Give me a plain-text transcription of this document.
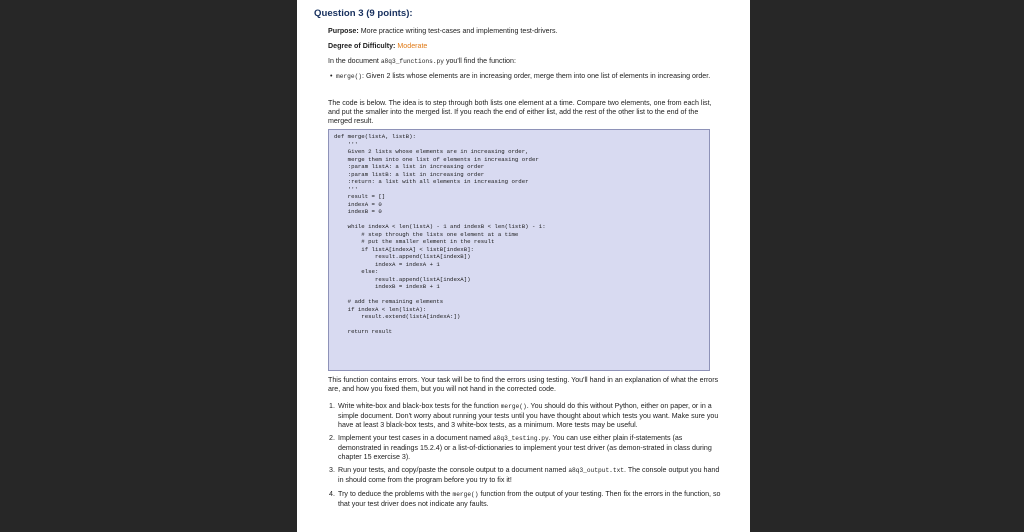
Question 3 (9 points):
Purpose: More practice writing test-cases and implementing test-drivers.
Degree of Difficulty: Moderate
In the document a8q3_functions.py you'll find the function:
• merge(): Given 2 lists whose elements are in increasing order, merge them into one list of elements in increasing order.
The code is below. The idea is to step through both lists one element at a time. Compare two elements, one from each list, and put the smaller into the merged list. If you reach the end of either list, add the rest of the other list to the end of the merged result.
def merge(listA, listB):
'''
Given 2 lists whose elements are in increasing order,
merge them into one list of elements in increasing order
:param listA: a list in increasing order
:param listB: a list in increasing order
:return: a list with all elements in increasing order
'''
result = []
indexA = 0
indexB = 0

while indexA < len(listA) - 1 and indexB < len(listB) - 1:
# step through the lists one element at a time
# put the smaller element in the result
if listA[indexA] < listB[indexB]:
result.append(listA[indexB])
indexA = indexA + 1
else:
result.append(listA[indexA])
indexB = indexB + 1

# add the remaining elements
if indexA < len(listA):
result.extend(listA[indexA:])

return result
This function contains errors. Your task will be to find the errors using testing. You'll hand in an explanation of what the errors are, and how you fixed them, but you will not hand in the corrected code.
1. Write white-box and black-box tests for the function merge(). You should do this without Python, either on paper, or in a simple document. Don't worry about running your tests until you have thought about which tests you want. Make sure you have at least 3 black-box tests, and 3 white-box tests, as a minimum. More tests may be useful.
2. Implement your test cases in a document named a8q3_testing.py. You can use either plain if-statements (as demonstrated in readings 15.2.4) or a list-of-dictionaries to implement your test driver (as demon-strated in class during chapter 15 exercise 3).
3. Run your tests, and copy/paste the console output to a document named a8q3_output.txt. The console output you hand in should come from the program before you try to fix it!
4. Try to deduce the problems with the merge() function from the output of your testing. Then fix the errors in the function, so that your test driver does not indicate any faults.
